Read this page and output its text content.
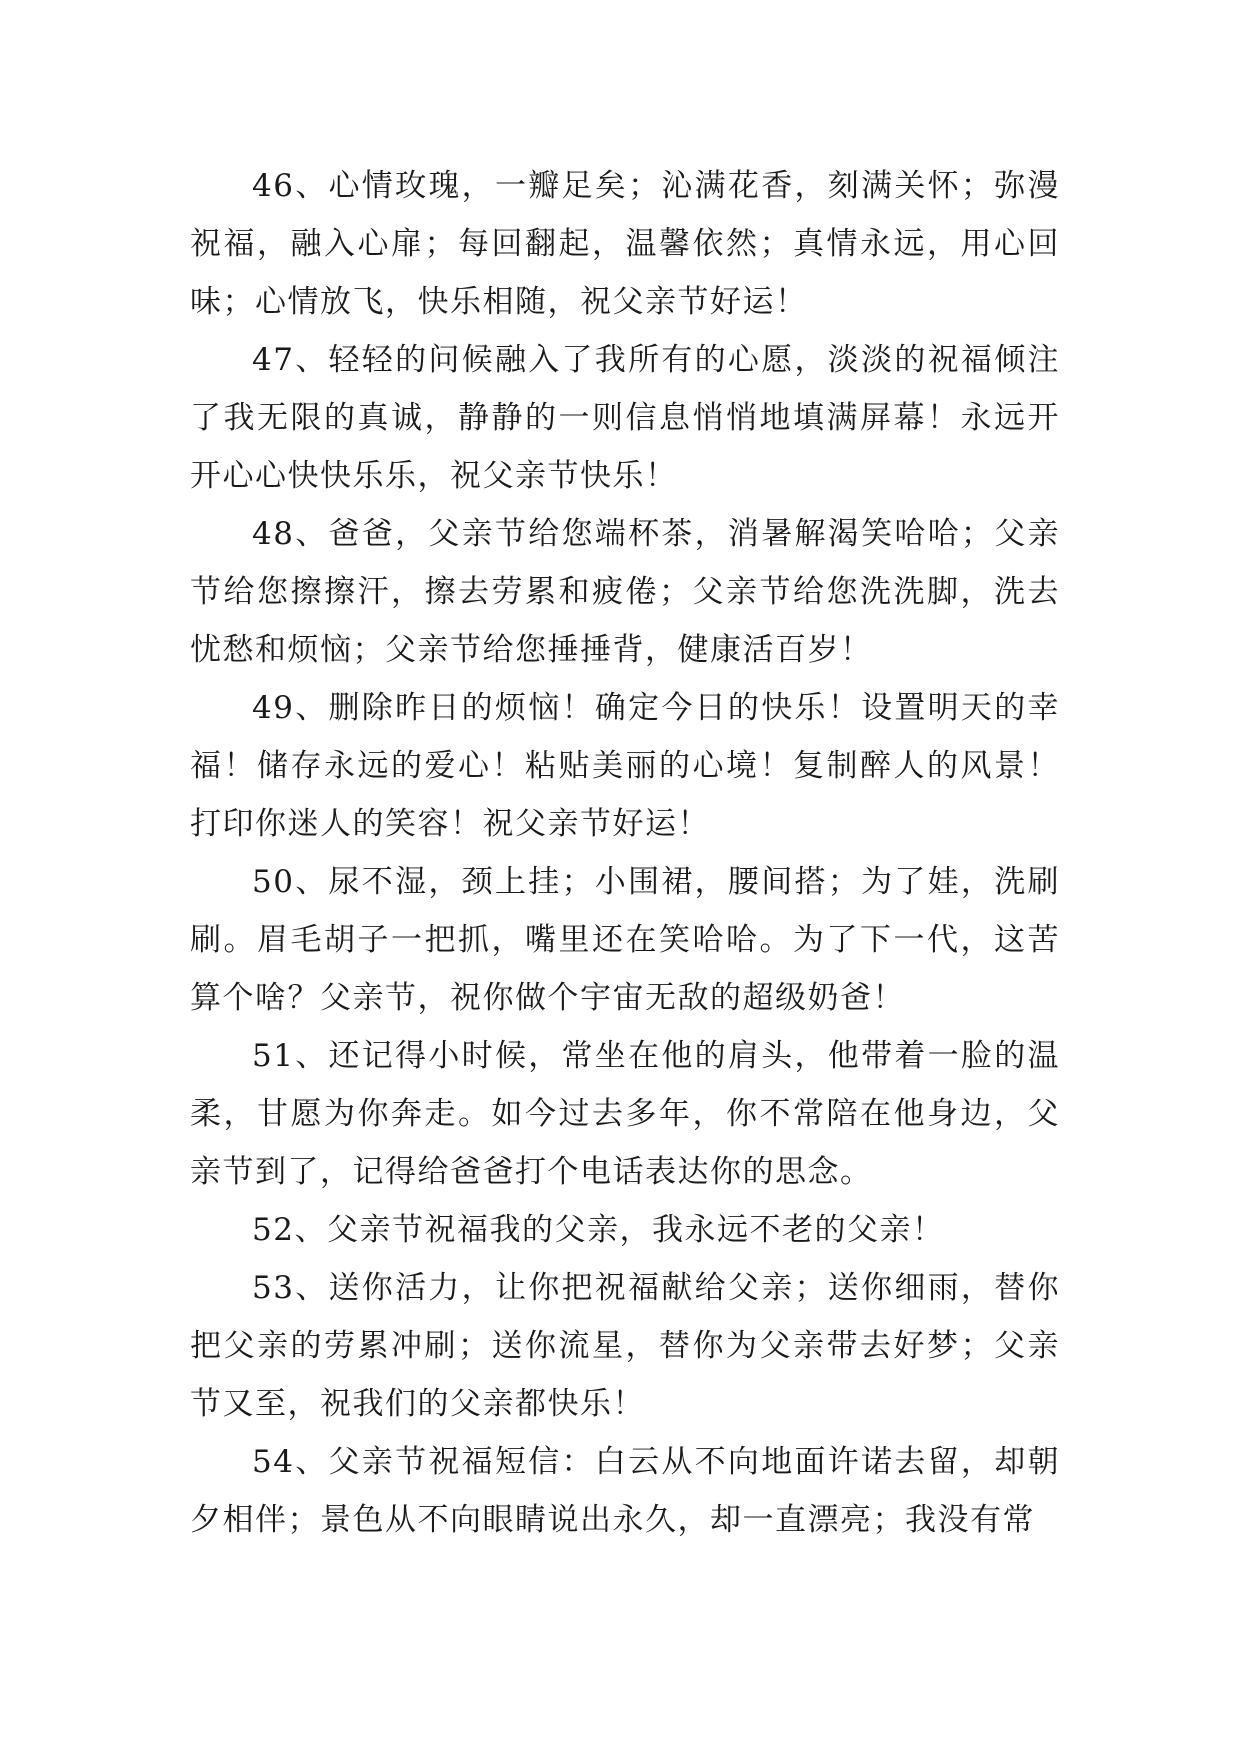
46、心情玫瑰，一瓣足矣；沁满花香，刻满关怀；弥漫祝福，融入心扉；每回翻起，温馨依然；真情永远，用心回味；心情放飞，快乐相随，祝父亲节好运！

47、轻轻的问候融入了我所有的心愿，淡淡的祝福倾注了我无限的真诚，静静的一则信息悄悄地填满屏幕！永远开开心心快快乐乐，祝父亲节快乐！

48、爸爸，父亲节给您端杯茶，消暑解渴笑哈哈；父亲节给您擦擦汗，擦去劳累和疲倦；父亲节给您洗洗脚，洗去忧愁和烦恼；父亲节给您捶捶背，健康活百岁！

49、删除昨日的烦恼！确定今日的快乐！设置明天的幸福！储存永远的爱心！粘贴美丽的心境！复制醉人的风景！打印你迷人的笑容！祝父亲节好运！

50、尿不湿，颈上挂；小围裙，腰间搭；为了娃，洗刷刷。眉毛胡子一把抓，嘴里还在笑哈哈。为了下一代，这苦算个啥？父亲节，祝你做个宇宙无敌的超级奶爸！

51、还记得小时候，常坐在他的肩头，他带着一脸的温柔，甘愿为你奔走。如今过去多年，你不常陪在他身边，父亲节到了，记得给爸爸打个电话表达你的思念。

52、父亲节祝福我的父亲，我永远不老的父亲！

53、送你活力，让你把祝福献给父亲；送你细雨，替你把父亲的劳累冲刷；送你流星，替你为父亲带去好梦；父亲节又至，祝我们的父亲都快乐！

54、父亲节祝福短信：白云从不向地面许诺去留，却朝夕相伴；景色从不向眼睛说出永久，却一直漂亮；我没有常
